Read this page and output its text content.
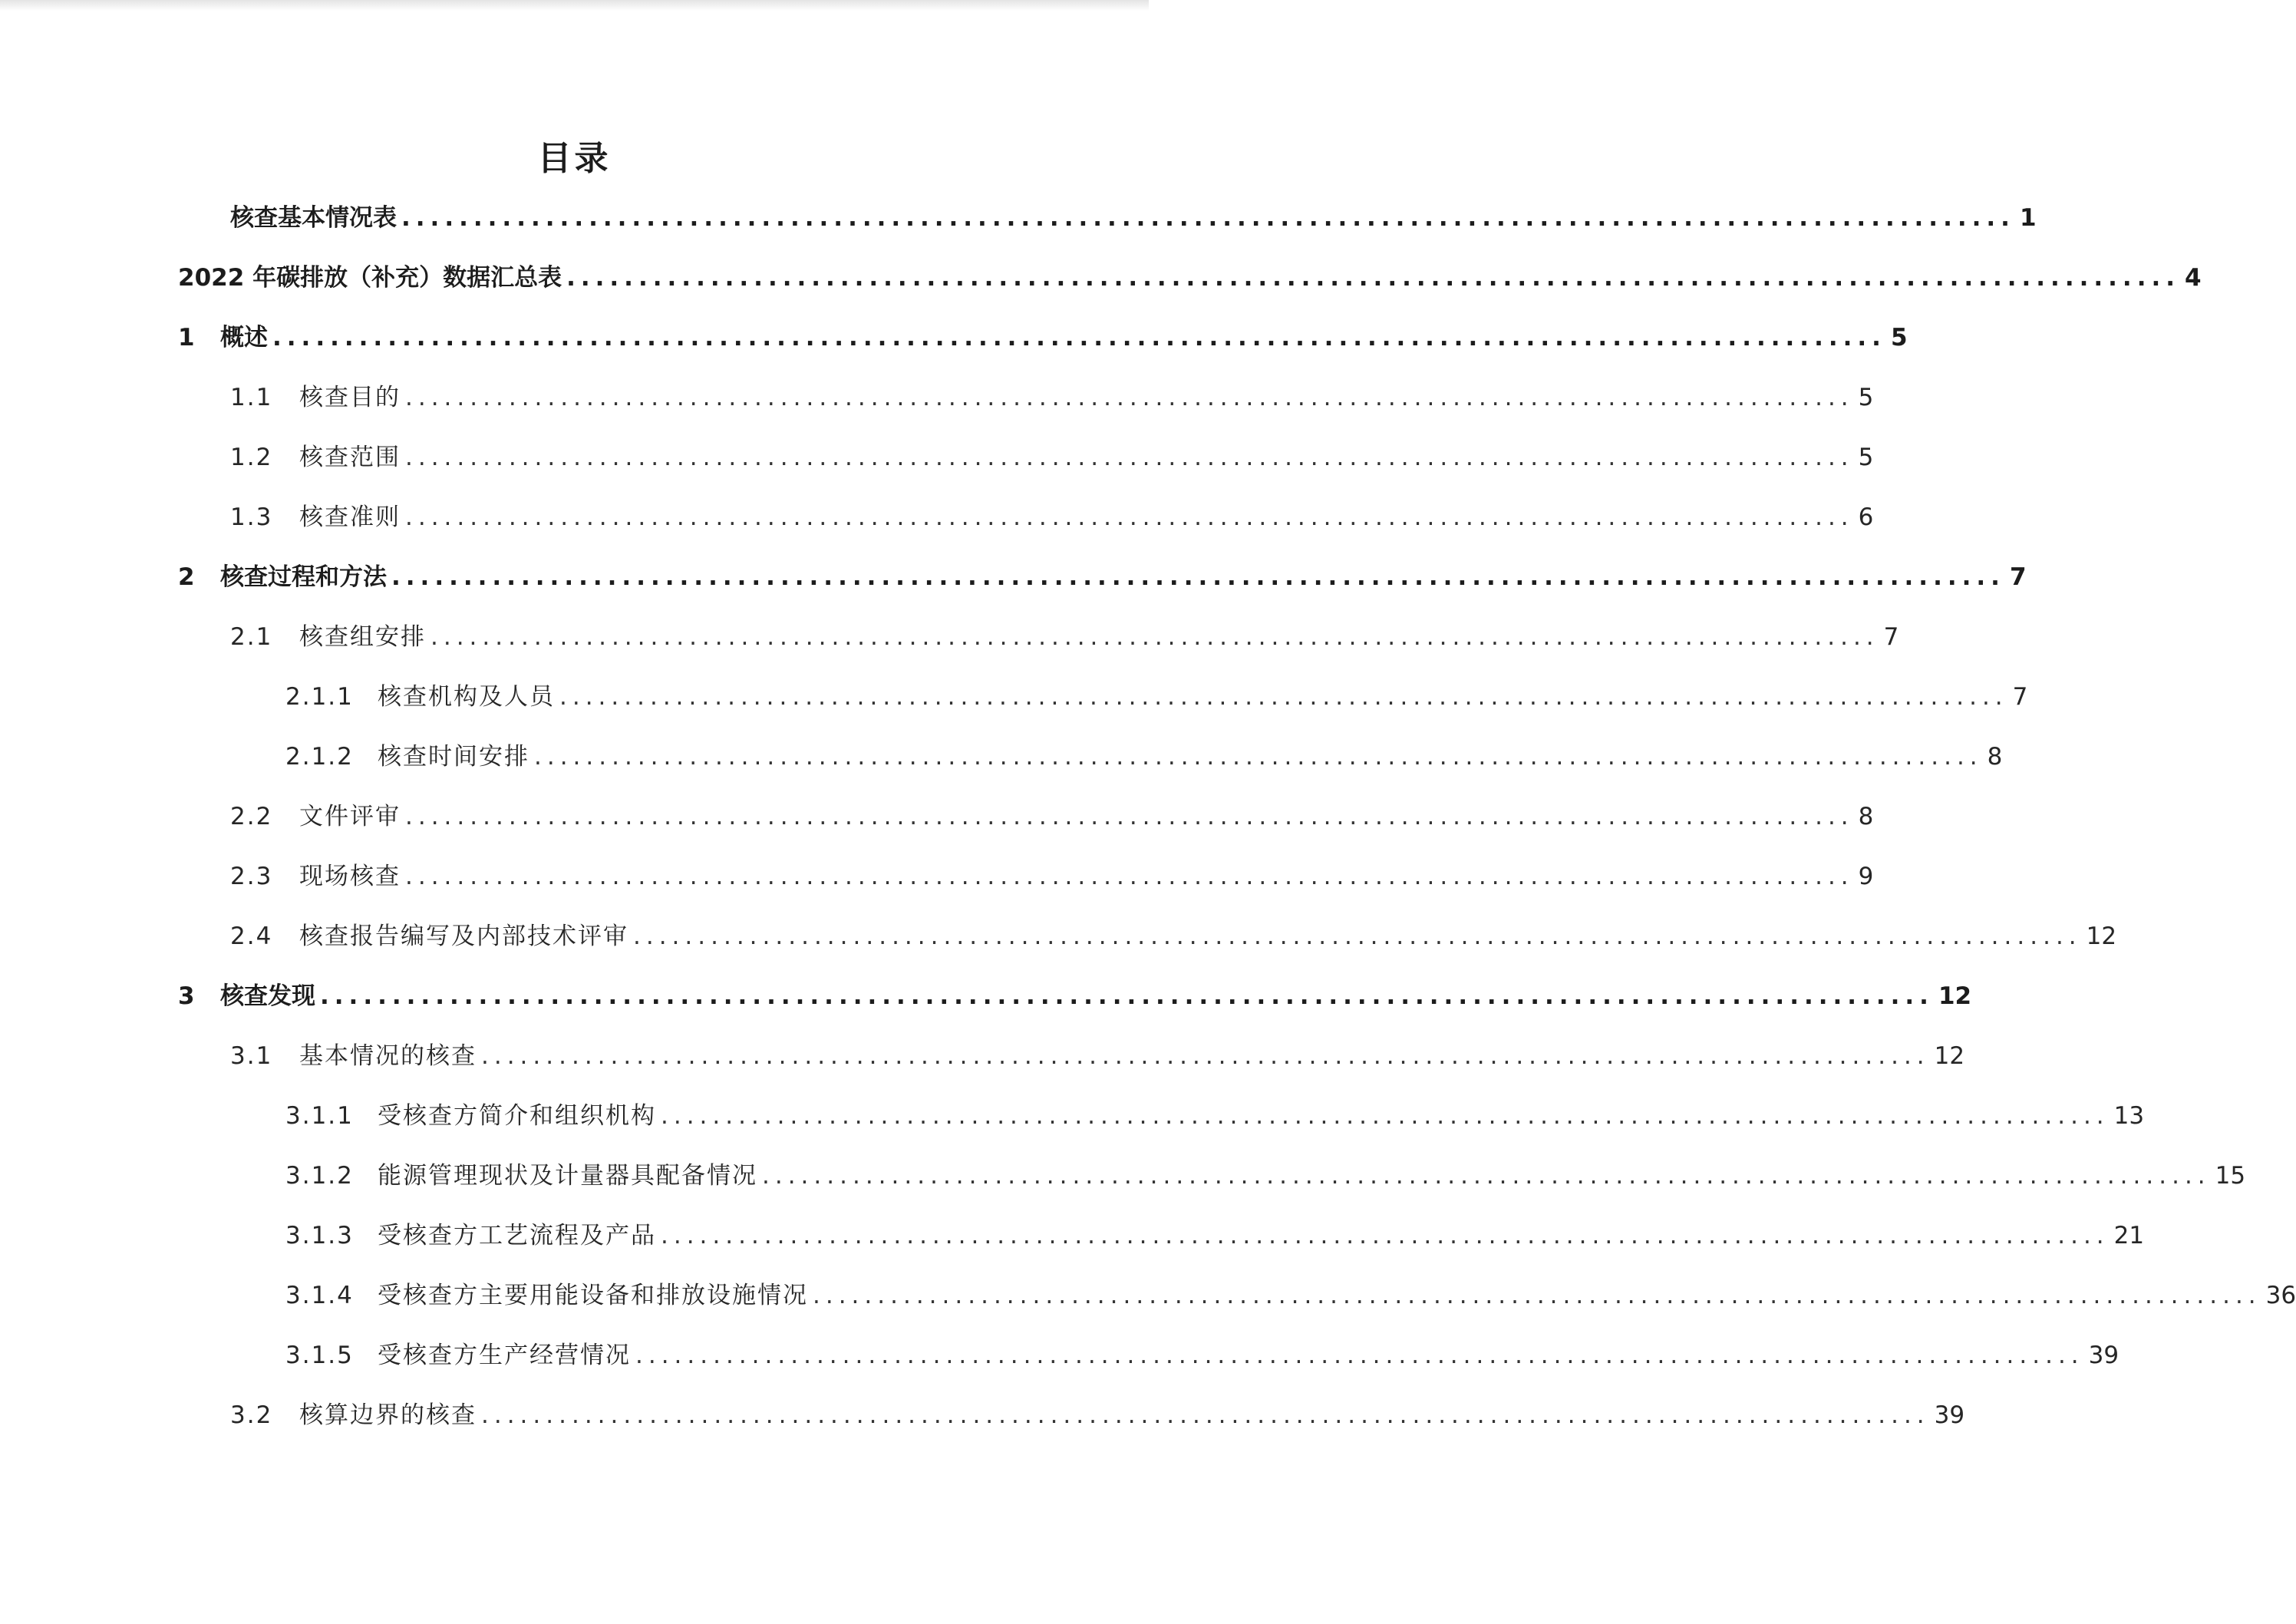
目录
核查基本情况表 ................................................................................................................ 1
2022 年碳排放（补充）数据汇总表 ................................................................................................................ 4
1	概述 ................................................................................................................ 5
1.1	核查目的 ................................................................................................................ 5
1.2	核查范围 ................................................................................................................ 5
1.3	核查准则 ................................................................................................................ 6
2	核查过程和方法 ................................................................................................................ 7
2.1	核查组安排 ................................................................................................................ 7
2.1.1	核查机构及人员 ................................................................................................................ 7
2.1.2	核查时间安排 ................................................................................................................ 8
2.2	文件评审 ................................................................................................................ 8
2.3	现场核查 ................................................................................................................ 9
2.4	核查报告编写及内部技术评审 ................................................................................................................ 12
3	核查发现 ................................................................................................................ 12
3.1	基本情况的核查 ................................................................................................................ 12
3.1.1	受核查方简介和组织机构 ................................................................................................................ 13
3.1.2	能源管理现状及计量器具配备情况 ................................................................................................................ 15
3.1.3	受核查方工艺流程及产品 ................................................................................................................ 21
3.1.4	受核查方主要用能设备和排放设施情况 ................................................................................................................ 36
3.1.5	受核查方生产经营情况 ................................................................................................................ 39
3.2	核算边界的核查 ................................................................................................................ 39
